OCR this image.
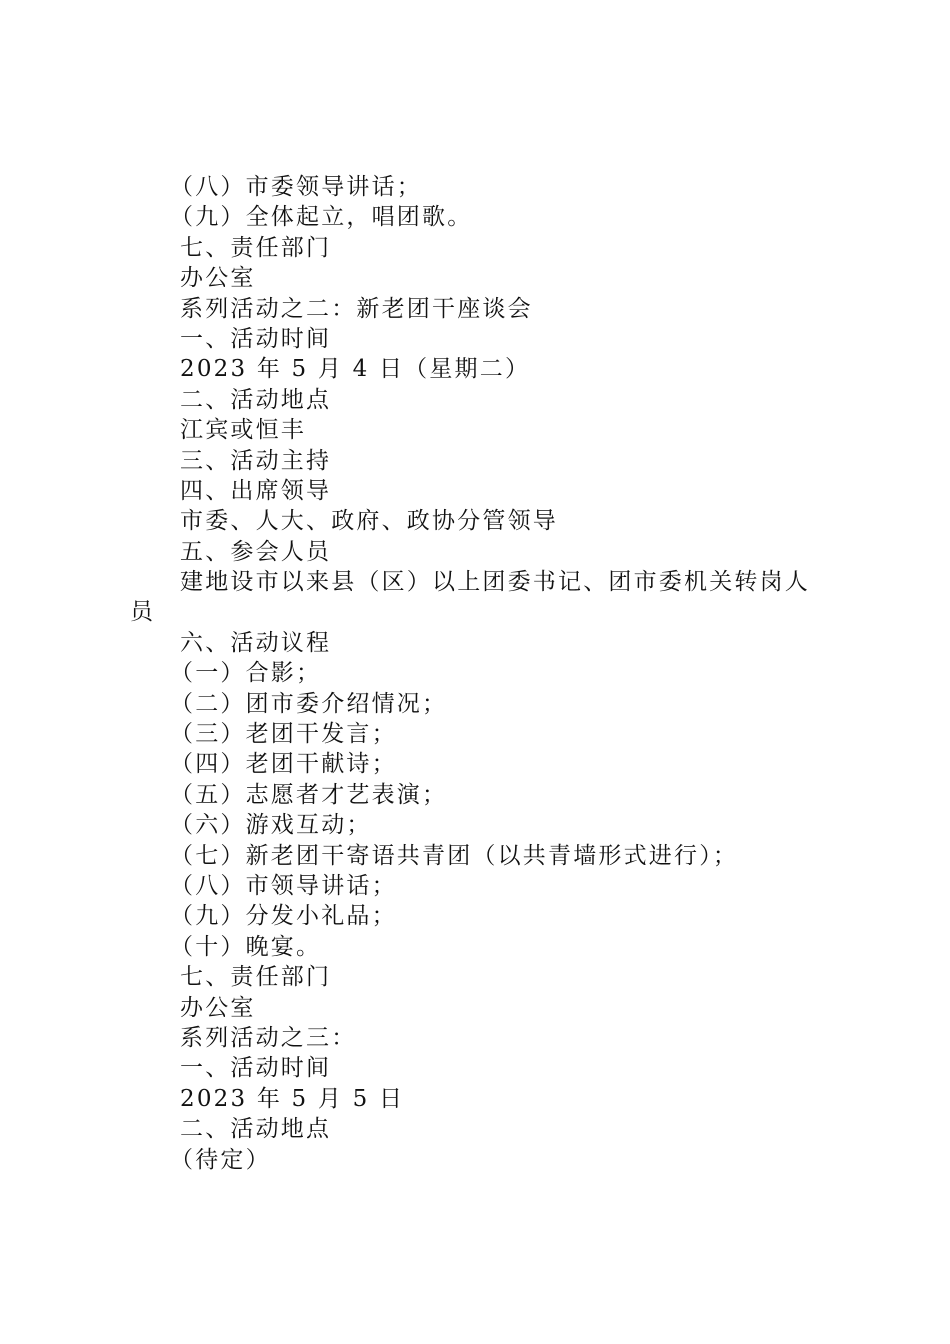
（八）市委领导讲话；
（九）全体起立，唱团歌。
七、责任部门
办公室
系列活动之二：新老团干座谈会
一、活动时间
2023 年 5 月 4 日（星期二）
二、活动地点
江宾或恒丰
三、活动主持
四、出席领导
市委、人大、政府、政协分管领导
五、参会人员
建地设市以来县（区）以上团委书记、团市委机关转岗人
员
六、活动议程
（一）合影；
（二）团市委介绍情况；
（三）老团干发言；
（四）老团干献诗；
（五）志愿者才艺表演；
（六）游戏互动；
（七）新老团干寄语共青团（以共青墙形式进行）；
（八）市领导讲话；
（九）分发小礼品；
（十）晚宴。
七、责任部门
办公室
系列活动之三：
一、活动时间
2023 年 5 月 5 日
二、活动地点
（待定）
